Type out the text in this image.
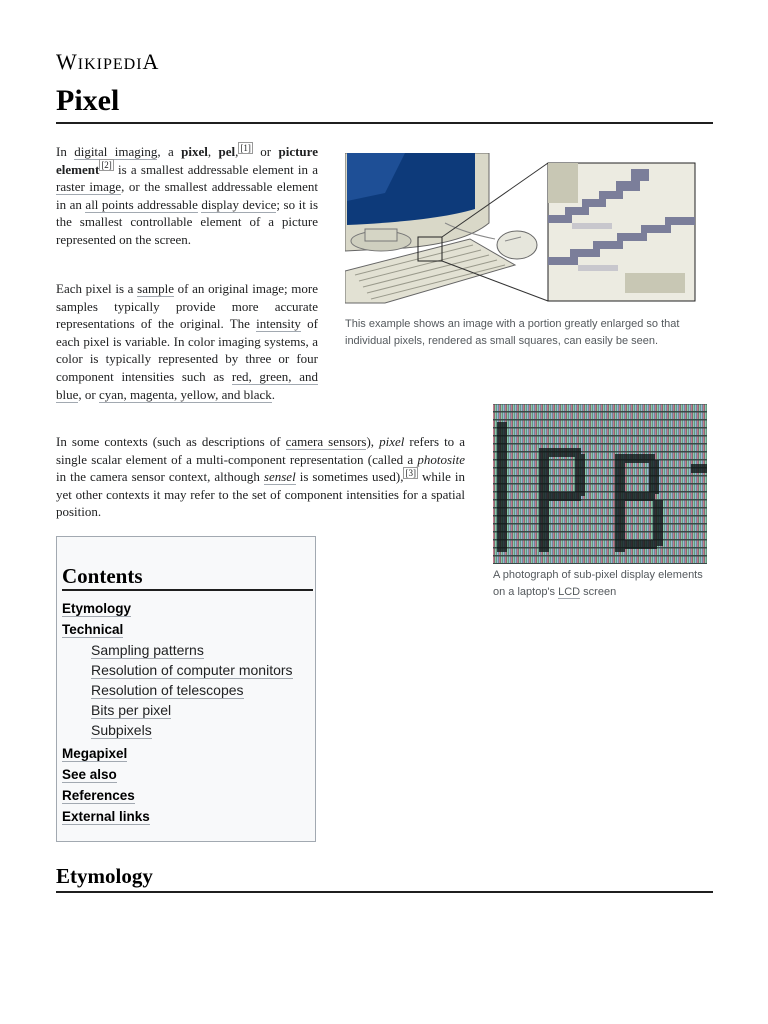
WIKIPEDIA
Pixel

In digital imaging, a pixel, pel, [1] or picture element [2] is a smallest addressable element in a raster image, or the smallest addressable element in an all points addressable display device; so it is the smallest controllable element of a picture represented on the screen.

Each pixel is a sample of an original image; more samples typically provide more accurate representations of the original. The intensity of each pixel is variable. In color imaging systems, a color is typically represented by three or four component intensities such as red, green, and blue, or cyan, magenta, yellow, and black.

In some contexts (such as descriptions of camera sensors), pixel refers to a single scalar element of a multi-component representation (called a photosite in the camera sensor context, although sensel is sometimes used), [3] while in yet other contexts it may refer to the set of component intensities for a spatial position.

This example shows an image with a portion greatly enlarged so that individual pixels, rendered as small squares, can easily be seen.
A photograph of sub-pixel display elements on a laptop's LCD screen
Contents
Etymology
Technical
Sampling patterns
Resolution of computer monitors
Resolution of telescopes
Bits per pixel
Subpixels
Megapixel
See also
References
External links
Etymology
